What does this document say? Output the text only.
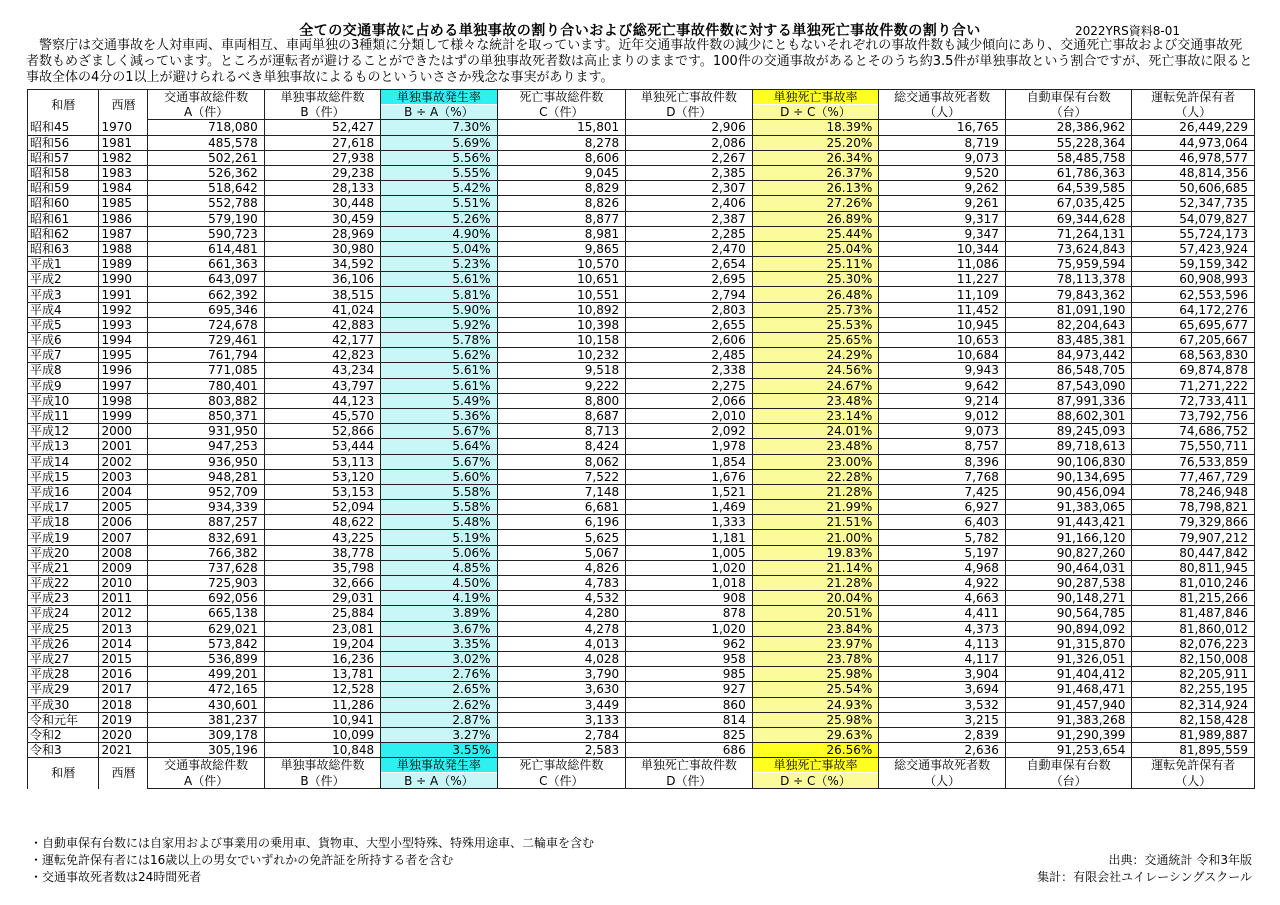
全ての交通事故に占める単独事故の割り合いおよび総死亡事故件数に対する単独死亡事故件数の割り合い	2022YRS資料8-01

警察庁は交通事故を人対車両、車両相互、車両単独の3種類に分類して様々な統計を取っています。近年交通事故件数の減少にともないそれぞれの事故件数も減少傾向にあり、交通死亡事故および交通事故死者数もめざましく減っています。ところが運転者が避けることができたはずの単独事故死者数は高止まりのままです。100件の交通事故があるとそのうち約3.5件が単独事故という割合ですが、死亡事故に限ると事故全体の4分の1以上が避けられるべき単独事故によるものといういささか残念な事実があります。

和暦	西暦	交通事故総件数	単独事故総件数	単独事故発生率	死亡事故総件数	単独死亡事故件数	単独死亡事故率	総交通事故死者数	自動車保有台数	運転免許保有者
		A（件）	B（件）	B ÷ A（%）	C（件）	D（件）	D ÷ C（%）	（人）	（台）	（人）
昭和45	1970	718,080	52,427	7.30%	15,801	2,906	18.39%	16,765	28,386,962	26,449,229
昭和56	1981	485,578	27,618	5.69%	8,278	2,086	25.20%	8,719	55,228,364	44,973,064
昭和57	1982	502,261	27,938	5.56%	8,606	2,267	26.34%	9,073	58,485,758	46,978,577
昭和58	1983	526,362	29,238	5.55%	9,045	2,385	26.37%	9,520	61,786,363	48,814,356
昭和59	1984	518,642	28,133	5.42%	8,829	2,307	26.13%	9,262	64,539,585	50,606,685
昭和60	1985	552,788	30,448	5.51%	8,826	2,406	27.26%	9,261	67,035,425	52,347,735
昭和61	1986	579,190	30,459	5.26%	8,877	2,387	26.89%	9,317	69,344,628	54,079,827
昭和62	1987	590,723	28,969	4.90%	8,981	2,285	25.44%	9,347	71,264,131	55,724,173
昭和63	1988	614,481	30,980	5.04%	9,865	2,470	25.04%	10,344	73,624,843	57,423,924
平成1	1989	661,363	34,592	5.23%	10,570	2,654	25.11%	11,086	75,959,594	59,159,342
平成2	1990	643,097	36,106	5.61%	10,651	2,695	25.30%	11,227	78,113,378	60,908,993
平成3	1991	662,392	38,515	5.81%	10,551	2,794	26.48%	11,109	79,843,362	62,553,596
平成4	1992	695,346	41,024	5.90%	10,892	2,803	25.73%	11,452	81,091,190	64,172,276
平成5	1993	724,678	42,883	5.92%	10,398	2,655	25.53%	10,945	82,204,643	65,695,677
平成6	1994	729,461	42,177	5.78%	10,158	2,606	25.65%	10,653	83,485,381	67,205,667
平成7	1995	761,794	42,823	5.62%	10,232	2,485	24.29%	10,684	84,973,442	68,563,830
平成8	1996	771,085	43,234	5.61%	9,518	2,338	24.56%	9,943	86,548,705	69,874,878
平成9	1997	780,401	43,797	5.61%	9,222	2,275	24.67%	9,642	87,543,090	71,271,222
平成10	1998	803,882	44,123	5.49%	8,800	2,066	23.48%	9,214	87,991,336	72,733,411
平成11	1999	850,371	45,570	5.36%	8,687	2,010	23.14%	9,012	88,602,301	73,792,756
平成12	2000	931,950	52,866	5.67%	8,713	2,092	24.01%	9,073	89,245,093	74,686,752
平成13	2001	947,253	53,444	5.64%	8,424	1,978	23.48%	8,757	89,718,613	75,550,711
平成14	2002	936,950	53,113	5.67%	8,062	1,854	23.00%	8,396	90,106,830	76,533,859
平成15	2003	948,281	53,120	5.60%	7,522	1,676	22.28%	7,768	90,134,695	77,467,729
平成16	2004	952,709	53,153	5.58%	7,148	1,521	21.28%	7,425	90,456,094	78,246,948
平成17	2005	934,339	52,094	5.58%	6,681	1,469	21.99%	6,927	91,383,065	78,798,821
平成18	2006	887,257	48,622	5.48%	6,196	1,333	21.51%	6,403	91,443,421	79,329,866
平成19	2007	832,691	43,225	5.19%	5,625	1,181	21.00%	5,782	91,166,120	79,907,212
平成20	2008	766,382	38,778	5.06%	5,067	1,005	19.83%	5,197	90,827,260	80,447,842
平成21	2009	737,628	35,798	4.85%	4,826	1,020	21.14%	4,968	90,464,031	80,811,945
平成22	2010	725,903	32,666	4.50%	4,783	1,018	21.28%	4,922	90,287,538	81,010,246
平成23	2011	692,056	29,031	4.19%	4,532	908	20.04%	4,663	90,148,271	81,215,266
平成24	2012	665,138	25,884	3.89%	4,280	878	20.51%	4,411	90,564,785	81,487,846
平成25	2013	629,021	23,081	3.67%	4,278	1,020	23.84%	4,373	90,894,092	81,860,012
平成26	2014	573,842	19,204	3.35%	4,013	962	23.97%	4,113	91,315,870	82,076,223
平成27	2015	536,899	16,236	3.02%	4,028	958	23.78%	4,117	91,326,051	82,150,008
平成28	2016	499,201	13,781	2.76%	3,790	985	25.98%	3,904	91,404,412	82,205,911
平成29	2017	472,165	12,528	2.65%	3,630	927	25.54%	3,694	91,468,471	82,255,195
平成30	2018	430,601	11,286	2.62%	3,449	860	24.93%	3,532	91,457,940	82,314,924
令和元年	2019	381,237	10,941	2.87%	3,133	814	25.98%	3,215	91,383,268	82,158,428
令和2	2020	309,178	10,099	3.27%	2,784	825	29.63%	2,839	91,290,399	81,989,887
令和3	2021	305,196	10,848	3.55%	2,583	686	26.56%	2,636	91,253,654	81,895,559
和暦	西暦	交通事故総件数	単独事故総件数	単独事故発生率	死亡事故総件数	単独死亡事故件数	単独死亡事故率	総交通事故死者数	自動車保有台数	運転免許保有者
		A（件）	B（件）	B ÷ A（%）	C（件）	D（件）	D ÷ C（%）	（人）	（台）	（人）
・自動車保有台数には自家用および事業用の乗用車、貨物車、大型小型特殊、特殊用途車、二輪車を含む
・運転免許保有者には16歳以上の男女でいずれかの免許証を所持する者を含む
・交通事故死者数は24時間死者
出典：交通統計 令和3年版
集計：有限会社ユイレーシングスクール
